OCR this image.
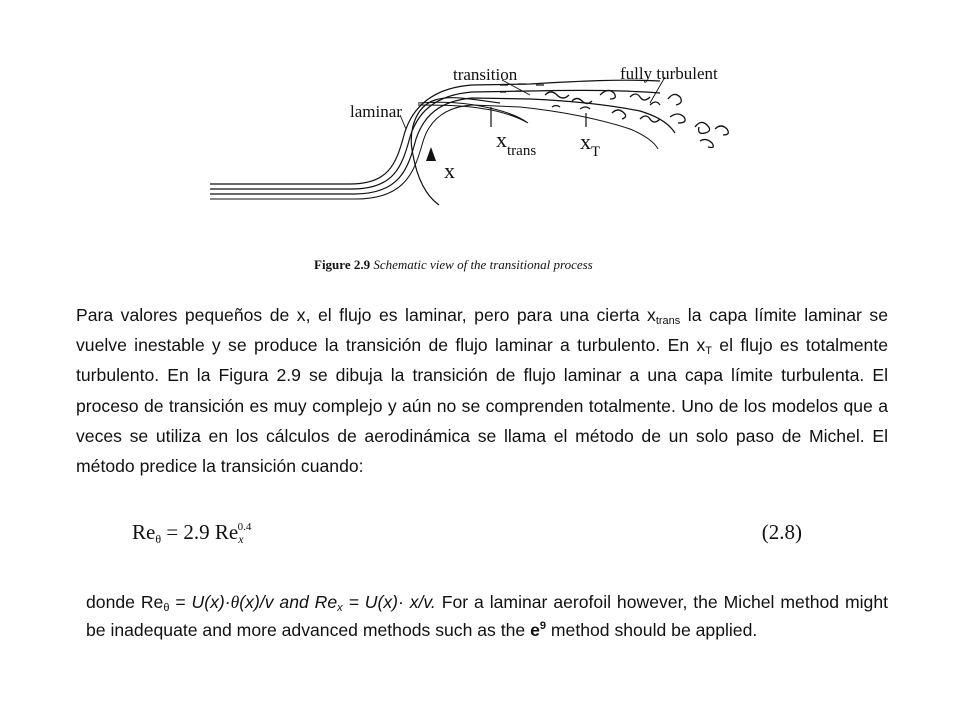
transition	fully turbulent
laminar
x
$x_{trans}$ $x_T$
Figure 2.9 Schematic view of the transitional process
Para valores pequeños de x, el flujo es laminar, pero para una cierta $x_{trans}$ la capa límite laminar se vuelve inestable y se produce la transición de flujo laminar a turbulento. En $x_T$ el flujo es totalmente turbulento. En la Figura 2.9 se dibuja la transición de flujo laminar a una capa límite turbulenta. El proceso de transición es muy complejo y aún no se comprenden totalmente. Uno de los modelos que a veces se utiliza en los cálculos de aerodinámica se llama el método de un solo paso de Michel. El método predice la transición cuando:
$Re_\theta = 2.9$ $Re_x^{0.4}$	(2.8)
donde $Re_\theta = U(x)\cdot\theta(x)/v$ and $Re_x = U(x)\cdot x/v$. For a laminar aerofoil however, the Michel method might be inadequate and more advanced methods such as the $e^9$ method should be applied.
